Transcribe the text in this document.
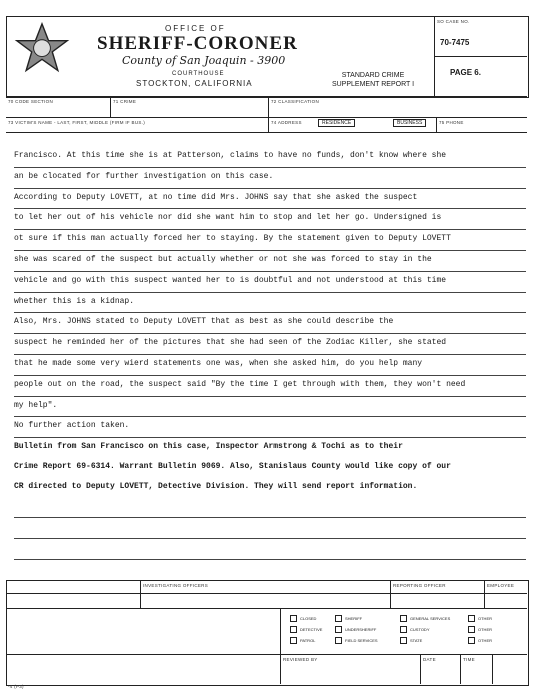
OFFICE OF
SHERIFF-CORONER
County of San Joaquin - 3900
COURTHOUSE
STOCKTON, CALIFORNIA
STANDARD CRIME
SUPPLEMENT REPORT I
SO CASE NO.
70-7475
PAGE 6.
70 CODE SECTION	71 CRIME	72 CLASSIFICATION
73 VICTIM'S NAME - LAST, FIRST, MIDDLE (FIRM IF BUS.)	74 ADDRESS	RESIDENCE	BUSINESS	75 PHONE
Francisco. At this time she is at Patterson, claims to have no funds, don't know where she
an be clocated for further investigation on this case.
According to Deputy LOVETT, at no time did Mrs. JOHNS say that she asked the suspect
to let her out of his vehicle nor did she want him to stop and let her go. Undersigned is
ot sure if this man actually forced her to staying. By the statement given to Deputy LOVETT
she was scared of the suspect but actually whether or not she was forced to stay in the
vehicle and go with this suspect wanted her to is doubtful and not understood at this time
whether this is a kidnap.
Also, Mrs. JOHNS stated to Deputy LOVETT that as best as she could describe the
suspect he reminded her of the pictures that she had seen of the Zodiac Killer, she stated
that he made some very wierd statements one was, when she asked him, do you help many
people out on the road, the suspect said "By the time I get through with them, they won't need
my help".
No further action taken.
Bulletin from San Francisco on this case, Inspector Armstrong & Tochi as to their
Crime Report 69-6314. Warrant Bulletin 9069. Also, Stanislaus County would like copy of our
CR directed to Deputy LOVETT, Detective Division. They will send report information.
INVESTIGATING OFFICERS	REPORTING OFFICER	EMPLOYEE
REVIEWED BY	DATE	TIME
-4 (P3)
CLOSED	SHERIFF	GENERAL SERVICES	OTHER
DETECTIVE	UNDERSHERIFF	CUSTODY	OTHER
PATROL	FIELD SERVICES	STATE	OTHER
